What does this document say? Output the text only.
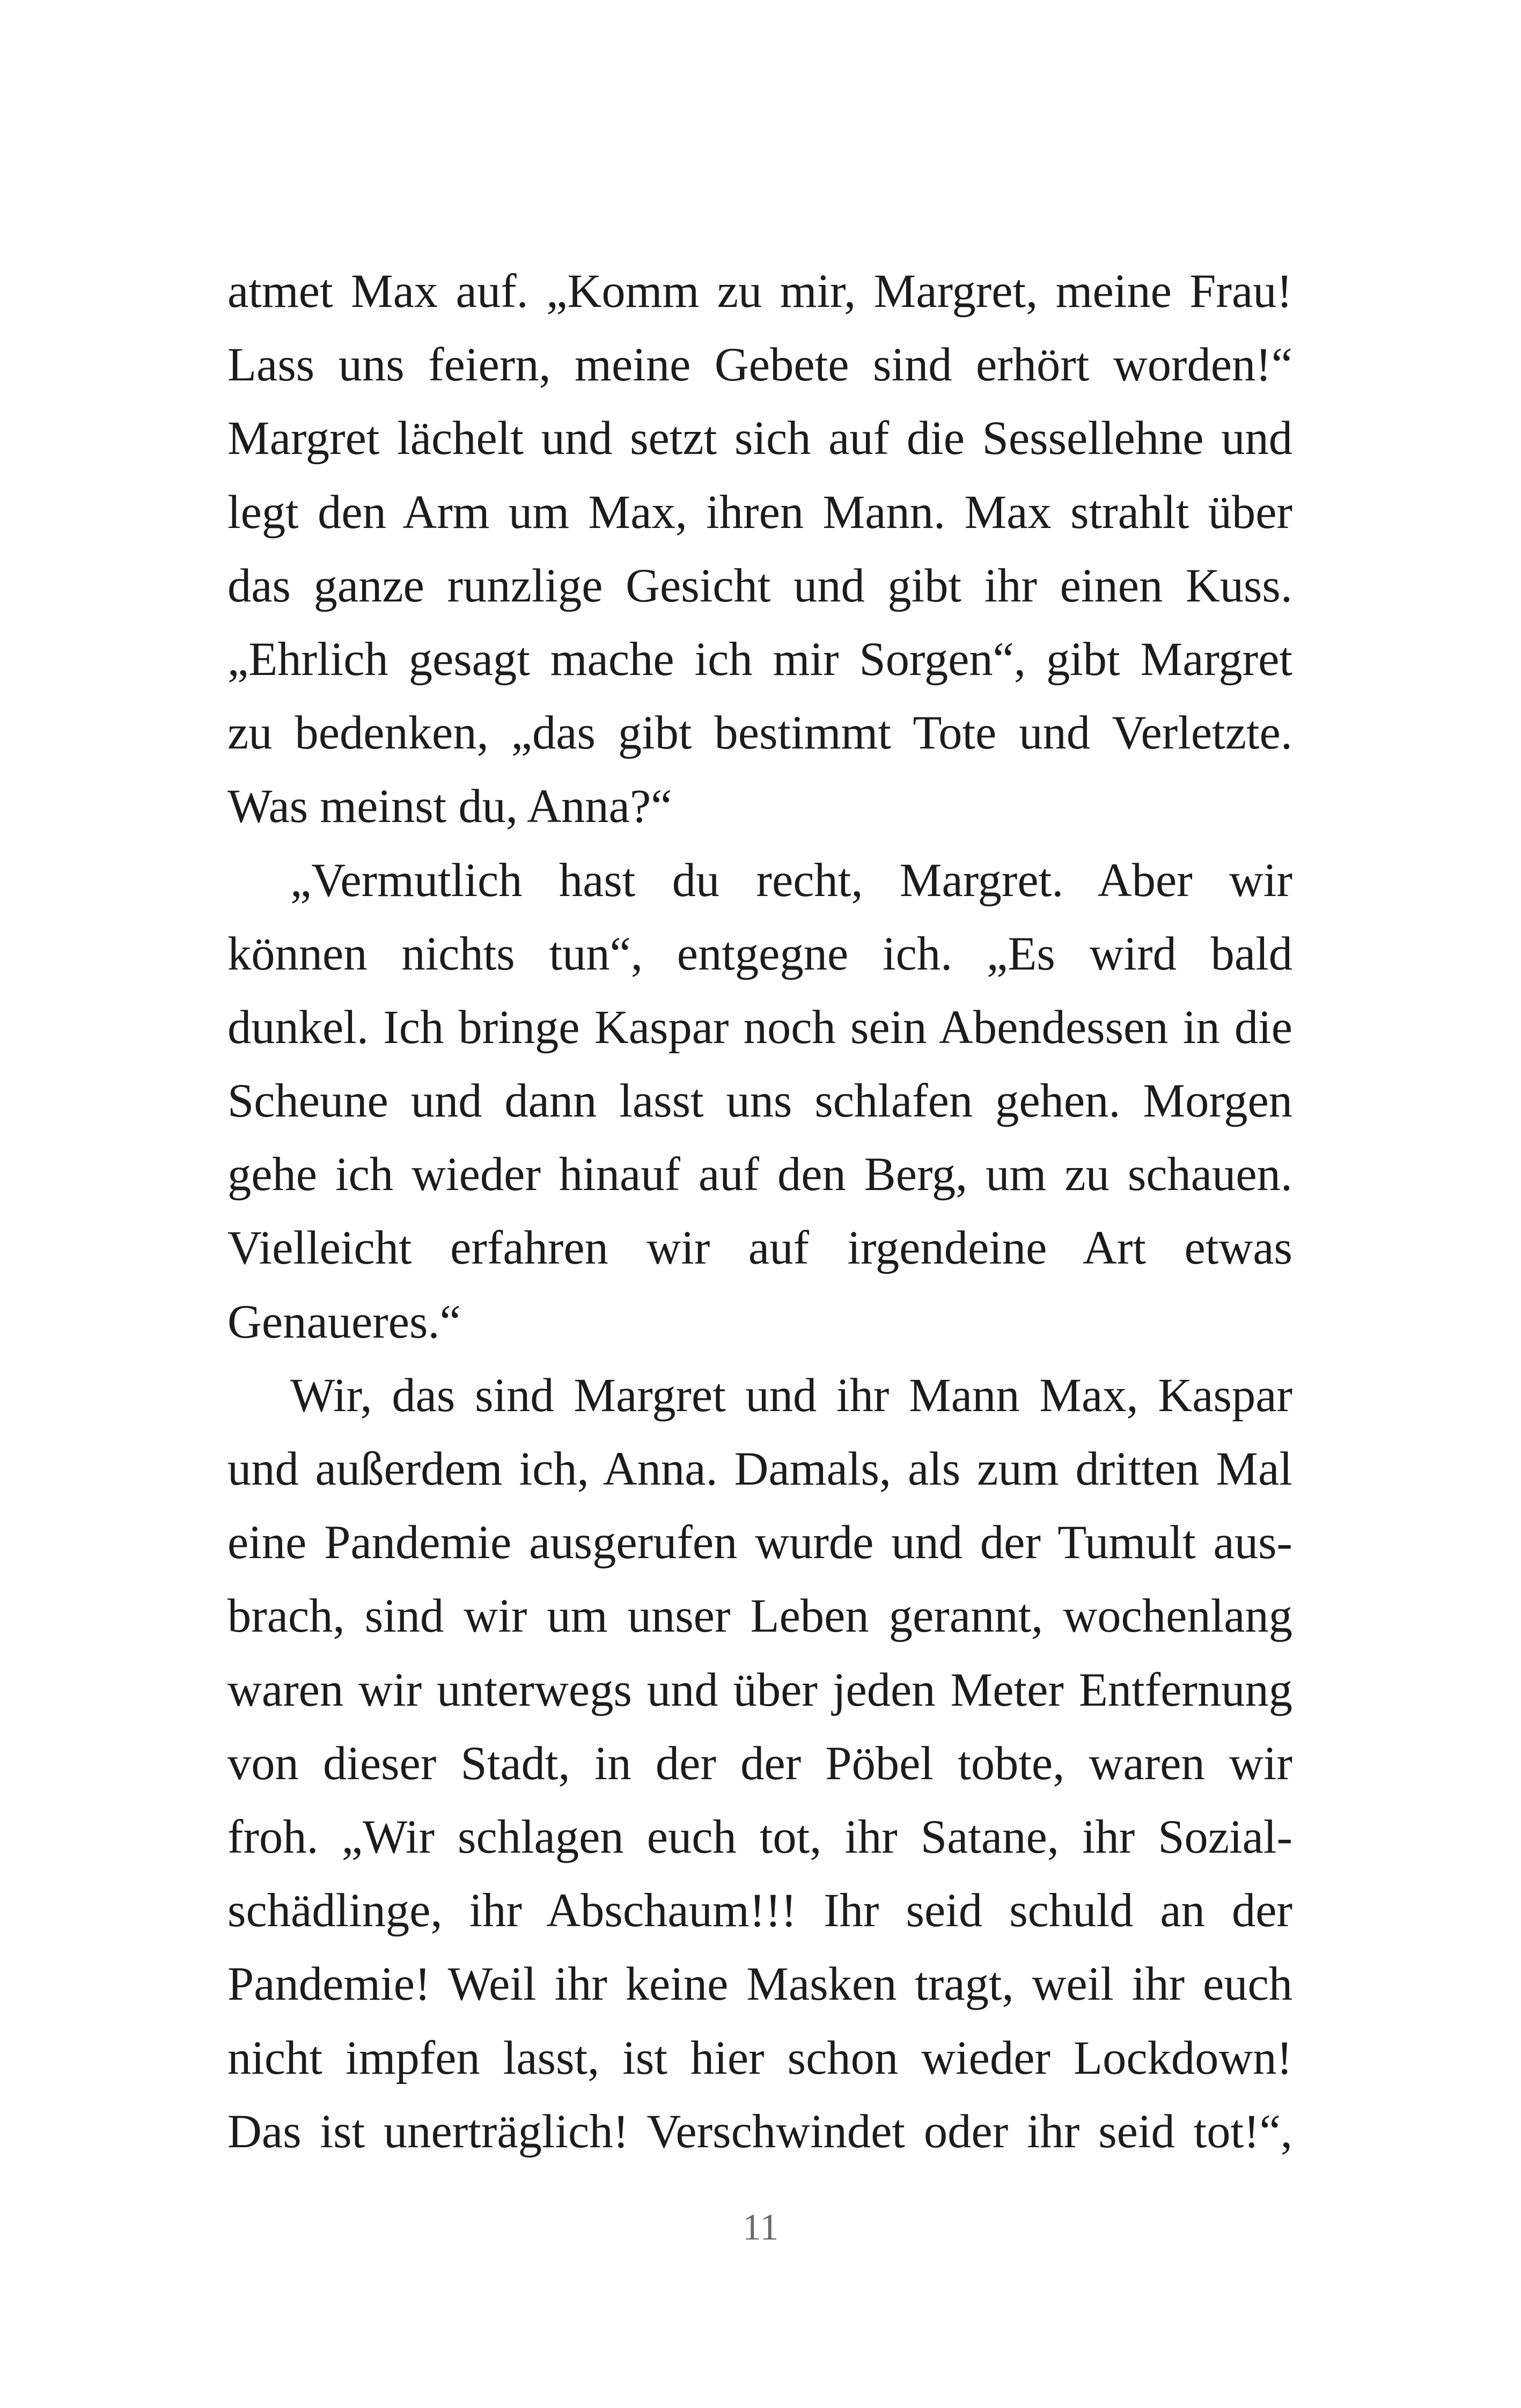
atmet Max auf. „Komm zu mir, Margret, meine Frau!
Lass uns feiern, meine Gebete sind erhört worden!“
Margret lächelt und setzt sich auf die Sessellehne und
legt den Arm um Max, ihren Mann. Max strahlt über
das ganze runzlige Gesicht und gibt ihr einen Kuss.
„Ehrlich gesagt mache ich mir Sorgen“, gibt Margret
zu bedenken, „das gibt bestimmt Tote und Verletzte.
Was meinst du, Anna?“
„Vermutlich hast du recht, Margret. Aber wir
können nichts tun“, entgegne ich. „Es wird bald
dunkel. Ich bringe Kaspar noch sein Abendessen in die
Scheune und dann lasst uns schlafen gehen. Morgen
gehe ich wieder hinauf auf den Berg, um zu schauen.
Vielleicht erfahren wir auf irgendeine Art etwas
Genaueres.“
Wir, das sind Margret und ihr Mann Max, Kaspar
und außerdem ich, Anna. Damals, als zum dritten Mal
eine Pandemie ausgerufen wurde und der Tumult aus-
brach, sind wir um unser Leben gerannt, wochenlang
waren wir unterwegs und über jeden Meter Entfernung
von dieser Stadt, in der der Pöbel tobte, waren wir
froh. „Wir schlagen euch tot, ihr Satane, ihr Sozial-
schädlinge, ihr Abschaum!!! Ihr seid schuld an der
Pandemie! Weil ihr keine Masken tragt, weil ihr euch
nicht impfen lasst, ist hier schon wieder Lockdown!
Das ist unerträglich! Verschwindet oder ihr seid tot!“,
11
